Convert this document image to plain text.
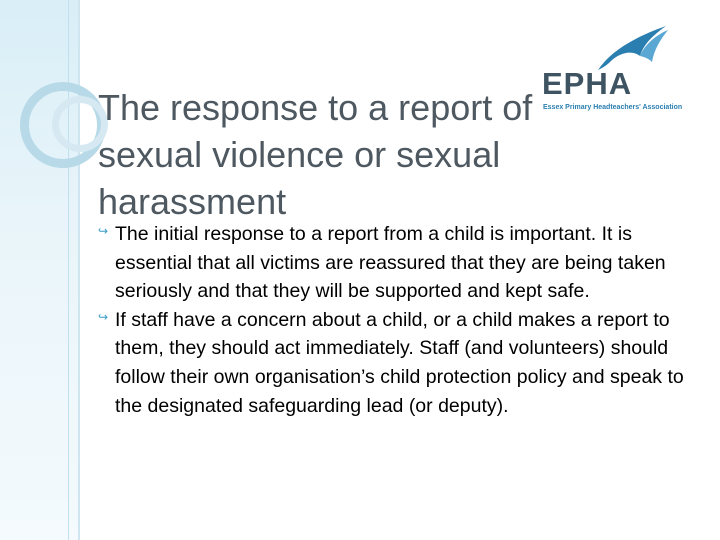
EPHA
Essex Primary Headteachers' Association
The response to a report of sexual violence or sexual harassment
↪ The initial response to a report from a child is important. It is essential that all victims are reassured that they are being taken seriously and that they will be supported and kept safe.
↪ If staff have a concern about a child, or a child makes a report to them, they should act immediately. Staff (and volunteers) should follow their own organisation’s child protection policy and speak to the designated safeguarding lead (or deputy).
